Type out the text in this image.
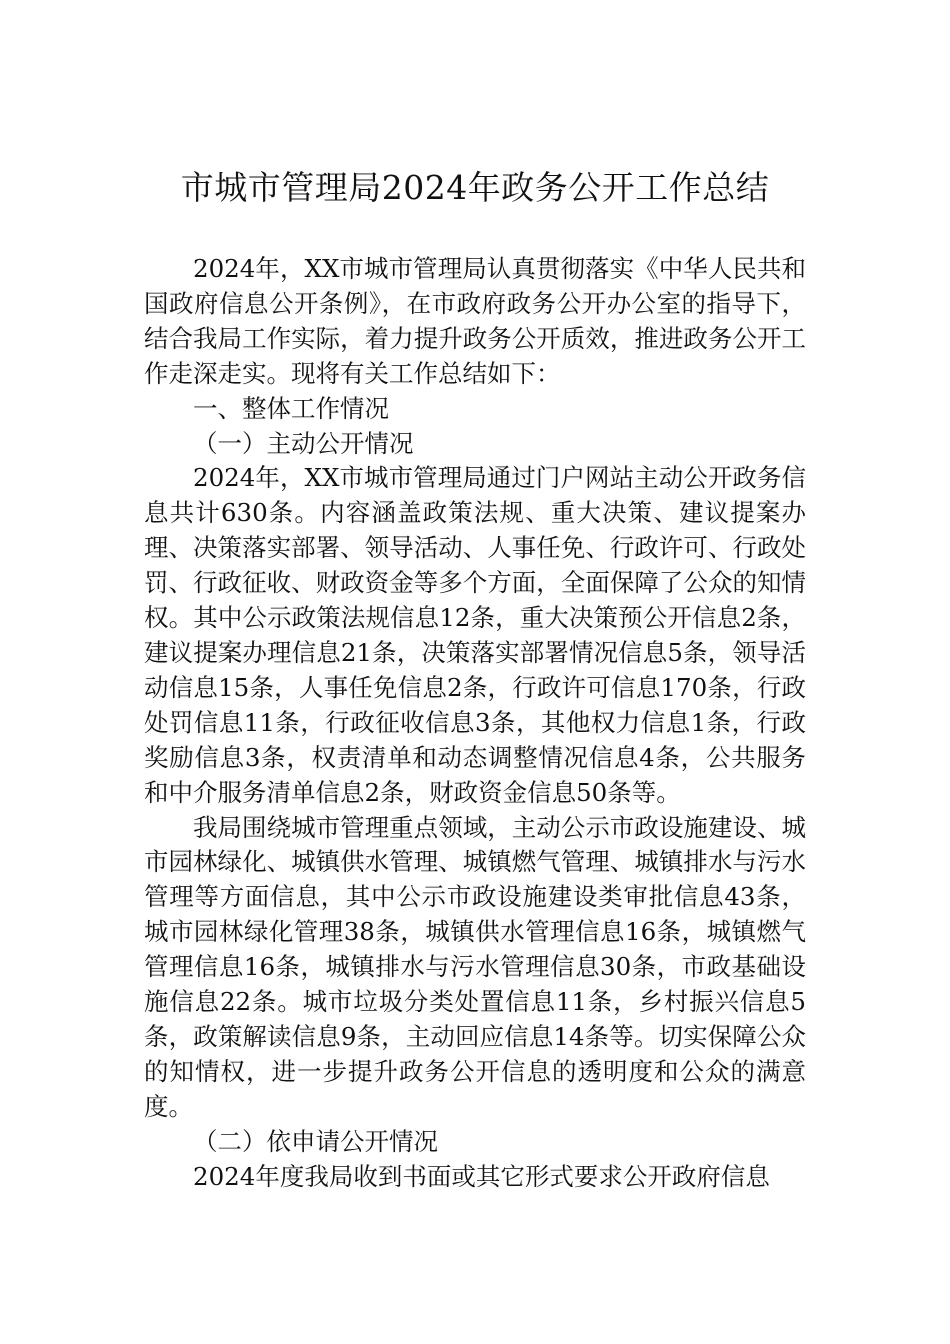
市城市管理局2024年政务公开工作总结

2024年，XX市城市管理局认真贯彻落实《中华人民共和国政府信息公开条例》，在市政府政务公开办公室的指导下，结合我局工作实际，着力提升政务公开质效，推进政务公开工作走深走实。现将有关工作总结如下：

一、整体工作情况

（一）主动公开情况

2024年，XX市城市管理局通过门户网站主动公开政务信息共计630条。内容涵盖政策法规、重大决策、建议提案办理、决策落实部署、领导活动、人事任免、行政许可、行政处罚、行政征收、财政资金等多个方面，全面保障了公众的知情权。其中公示政策法规信息12条，重大决策预公开信息2条，建议提案办理信息21条，决策落实部署情况信息5条，领导活动信息15条，人事任免信息2条，行政许可信息170条，行政处罚信息11条，行政征收信息3条，其他权力信息1条，行政奖励信息3条，权责清单和动态调整情况信息4条，公共服务和中介服务清单信息2条，财政资金信息50条等。

我局围绕城市管理重点领域，主动公示市政设施建设、城市园林绿化、城镇供水管理、城镇燃气管理、城镇排水与污水管理等方面信息，其中公示市政设施建设类审批信息43条，城市园林绿化管理38条，城镇供水管理信息16条，城镇燃气管理信息16条，城镇排水与污水管理信息30条，市政基础设施信息22条。城市垃圾分类处置信息11条，乡村振兴信息5条，政策解读信息9条，主动回应信息14条等。切实保障公众的知情权，进一步提升政务公开信息的透明度和公众的满意度。

（二）依申请公开情况

2024年度我局收到书面或其它形式要求公开政府信息
